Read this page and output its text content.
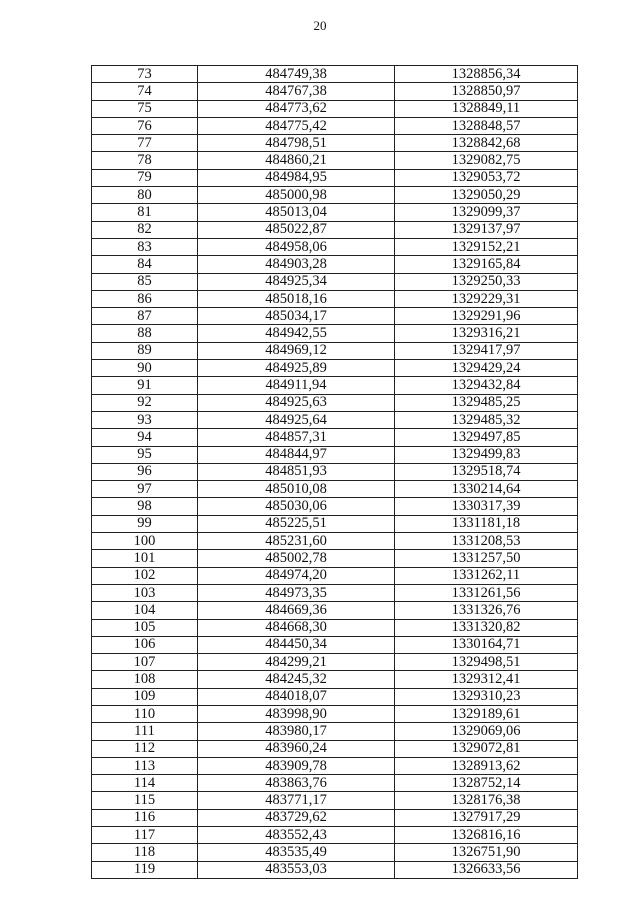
20
73	484749,38	1328856,34
74	484767,38	1328850,97
75	484773,62	1328849,11
76	484775,42	1328848,57
77	484798,51	1328842,68
78	484860,21	1329082,75
79	484984,95	1329053,72
80	485000,98	1329050,29
81	485013,04	1329099,37
82	485022,87	1329137,97
83	484958,06	1329152,21
84	484903,28	1329165,84
85	484925,34	1329250,33
86	485018,16	1329229,31
87	485034,17	1329291,96
88	484942,55	1329316,21
89	484969,12	1329417,97
90	484925,89	1329429,24
91	484911,94	1329432,84
92	484925,63	1329485,25
93	484925,64	1329485,32
94	484857,31	1329497,85
95	484844,97	1329499,83
96	484851,93	1329518,74
97	485010,08	1330214,64
98	485030,06	1330317,39
99	485225,51	1331181,18
100	485231,60	1331208,53
101	485002,78	1331257,50
102	484974,20	1331262,11
103	484973,35	1331261,56
104	484669,36	1331326,76
105	484668,30	1331320,82
106	484450,34	1330164,71
107	484299,21	1329498,51
108	484245,32	1329312,41
109	484018,07	1329310,23
110	483998,90	1329189,61
111	483980,17	1329069,06
112	483960,24	1329072,81
113	483909,78	1328913,62
114	483863,76	1328752,14
115	483771,17	1328176,38
116	483729,62	1327917,29
117	483552,43	1326816,16
118	483535,49	1326751,90
119	483553,03	1326633,56
